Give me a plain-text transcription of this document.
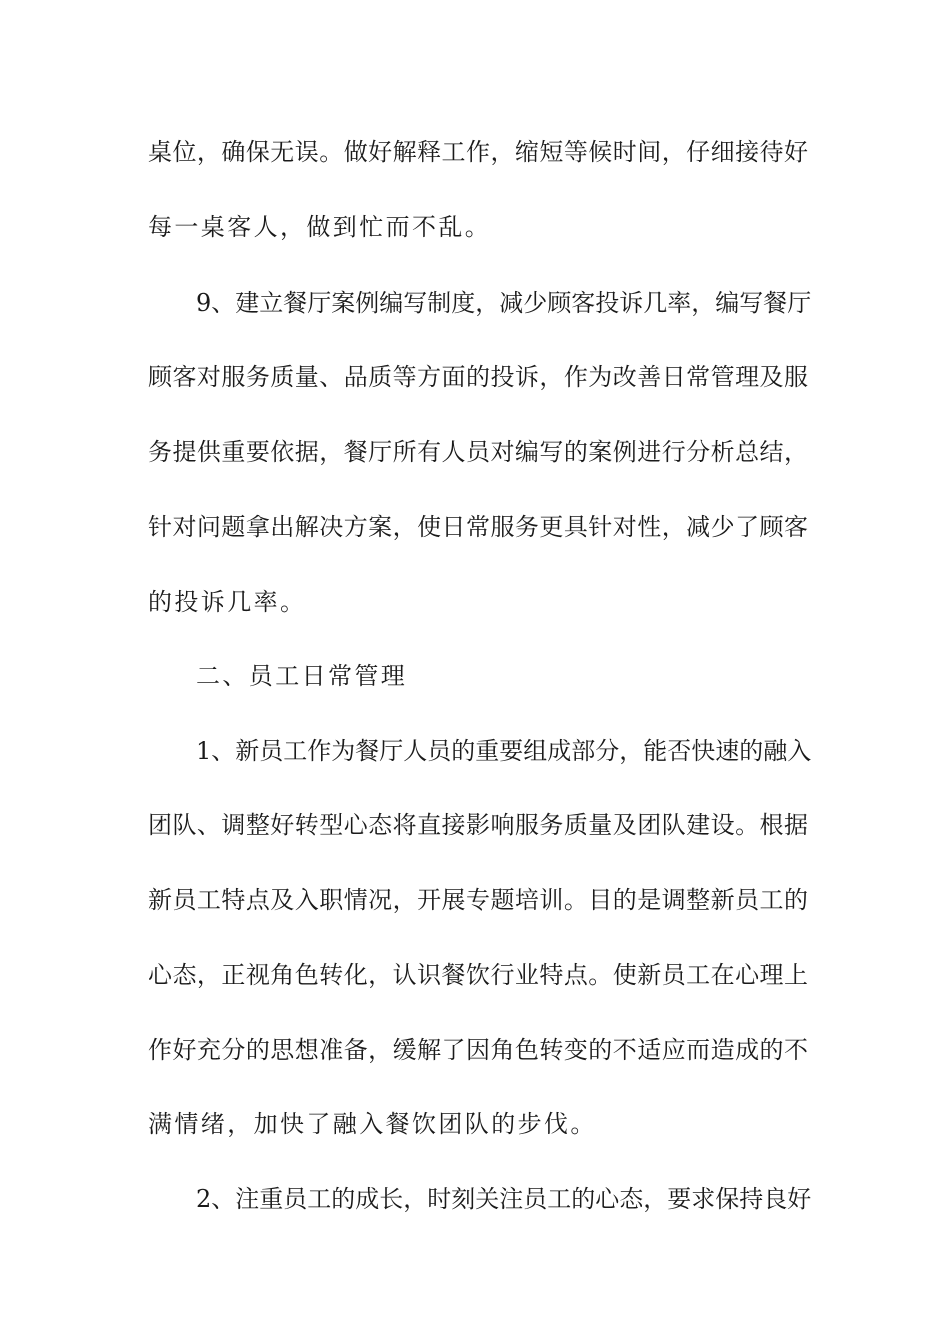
桌位，确保无误。做好解释工作，缩短等候时间，仔细接待好
每一桌客人，做到忙而不乱。
9、建立餐厅案例编写制度，减少顾客投诉几率，编写餐厅
顾客对服务质量、品质等方面的投诉，作为改善日常管理及服
务提供重要依据，餐厅所有人员对编写的案例进行分析总结，
针对问题拿出解决方案，使日常服务更具针对性，减少了顾客
的投诉几率。
二、员工日常管理
1、新员工作为餐厅人员的重要组成部分，能否快速的融入
团队、调整好转型心态将直接影响服务质量及团队建设。根据
新员工特点及入职情况，开展专题培训。目的是调整新员工的
心态，正视角色转化，认识餐饮行业特点。使新员工在心理上
作好充分的思想准备，缓解了因角色转变的不适应而造成的不
满情绪，加快了融入餐饮团队的步伐。
2、注重员工的成长，时刻关注员工的心态，要求保持良好
